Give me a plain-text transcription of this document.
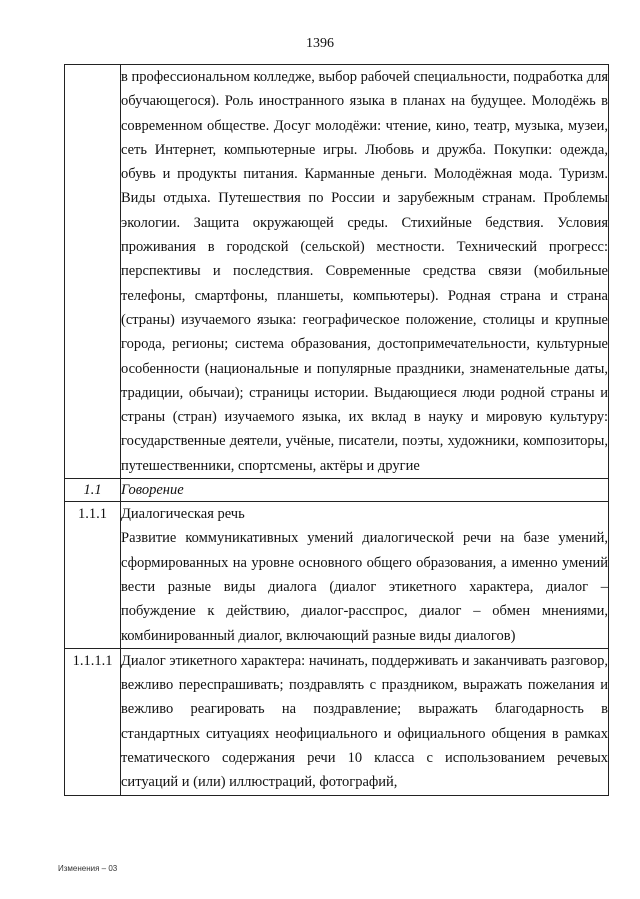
1396
	в профессиональном колледже, выбор рабочей специальности, подработка для обучающегося). Роль иностранного языка в планах на будущее. Молодёжь в современном обществе. Досуг молодёжи: чтение, кино, театр, музыка, музеи, сеть Интернет, компьютерные игры. Любовь и дружба. Покупки: одежда, обувь и продукты питания. Карманные деньги. Молодёжная мода. Туризм. Виды отдыха. Путешествия по России и зарубежным странам. Проблемы экологии. Защита окружающей среды. Стихийные бедствия. Условия проживания в городской (сельской) местности. Технический прогресс: перспективы и последствия. Современные средства связи (мобильные телефоны, смартфоны, планшеты, компьютеры). Родная страна и страна (страны) изучаемого языка: географическое положение, столицы и крупные города, регионы; система образования, достопримечательности, культурные особенности (национальные и популярные праздники, знаменательные даты, традиции, обычаи); страницы истории. Выдающиеся люди родной страны и страны (стран) изучаемого языка, их вклад в науку и мировую культуру: государственные деятели, учёные, писатели, поэты, художники, композиторы, путешественники, спортсмены, актёры и другие
1.1	Говорение
1.1.1	Диалогическая речь
Развитие коммуникативных умений диалогической речи на базе умений, сформированных на уровне основного общего образования, а именно умений вести разные виды диалога (диалог этикетного характера, диалог – побуждение к действию, диалог-расспрос, диалог – обмен мнениями, комбинированный диалог, включающий разные виды диалогов)

1.1.1.1	Диалог этикетного характера: начинать, поддерживать и заканчивать разговор, вежливо переспрашивать; поздравлять с праздником, выражать пожелания и вежливо реагировать на поздравление; выражать благодарность в стандартных ситуациях неофициального и официального общения в рамках тематического содержания речи 10 класса с использованием речевых ситуаций и (или) иллюстраций, фотографий,
Изменения – 03
